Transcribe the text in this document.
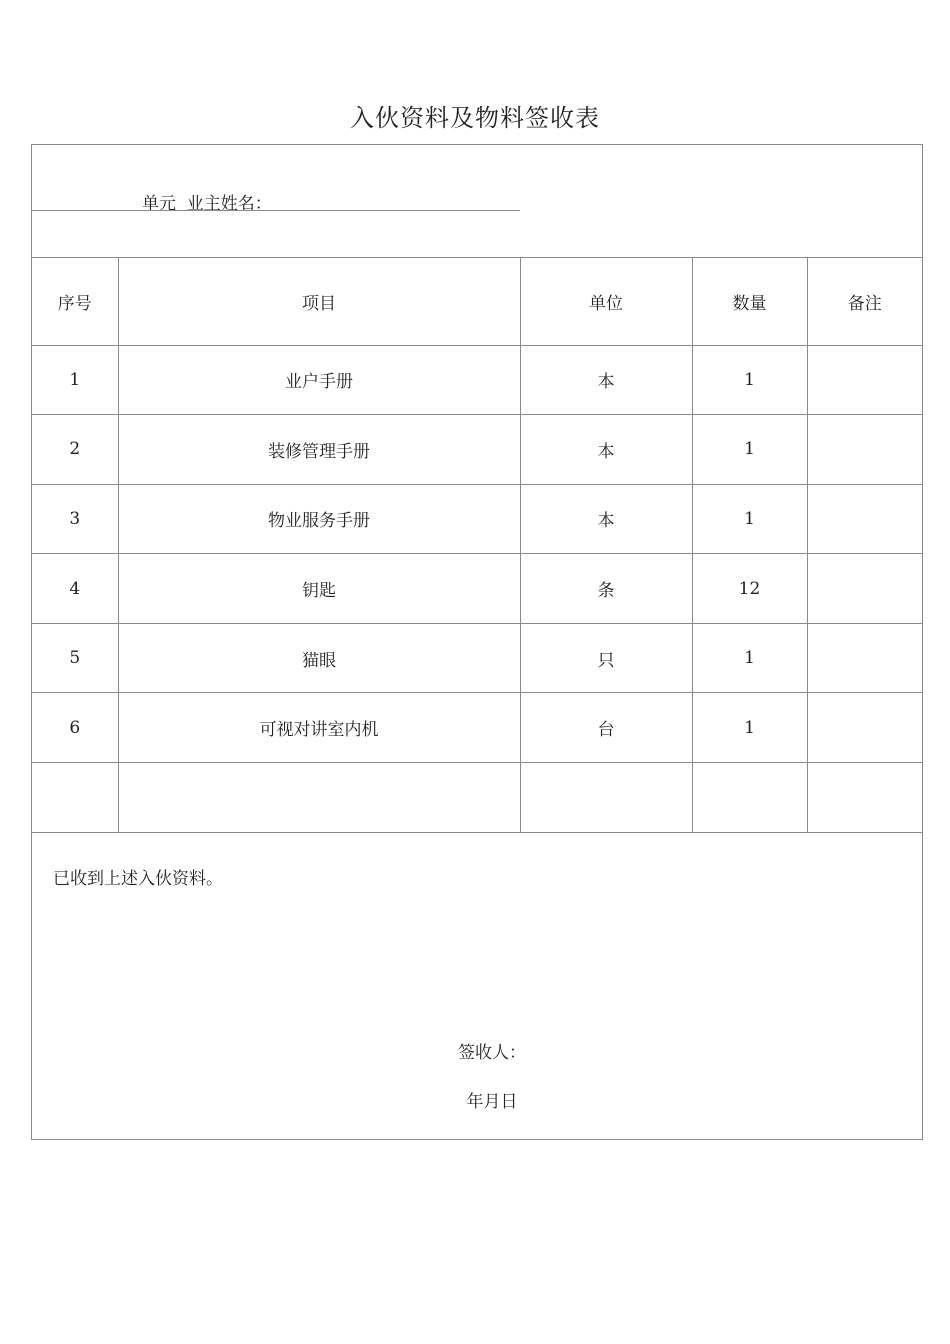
入伙资料及物料签收表
单元  业主姓名：
序号	项目	单位	数量	备注
1	业户手册	本	1	
2	装修管理手册	本	1	
3	物业服务手册	本	1	
4	钥匙	条	12	
5	猫眼	只	1	
6	可视对讲室内机	台	1	

已收到上述入伙资料。
签收人：
年月日
